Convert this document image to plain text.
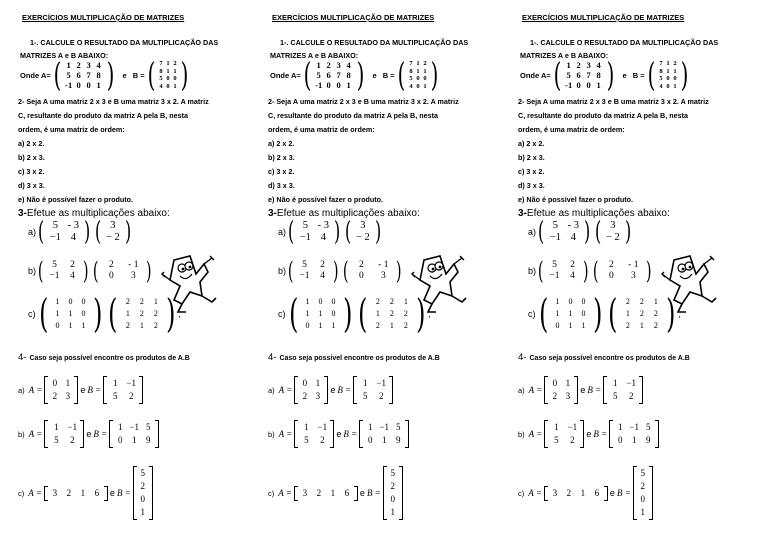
EXERCÍCIOS MULTIPLICAÇÃO DE MATRIZES
1-. CALCULE O RESULTADO DA MULTIPLICAÇÃO DAS
MATRIZES A e B ABAIXO:
Onde A= ( 1 2 3 4
5 6 7 8
-1 0 0 1 ) e B = ( 7 1 2
8 1 1
5 0 0
4 0 1 )
2- Seja A uma matriz 2 x 3 e B uma matriz 3 x 2. A matriz
C, resultante do produto da matriz A pela B, nesta
ordem, é uma matriz de ordem:
a) 2 x 2.
b) 2 x 3.
c) 3 x 2.
d) 3 x 3.
e) Não é possível fazer o produto.
3-Efetue as multiplicações abaixo:
a) ( 5 - 3
−1 4 ) ( 3
− 2 )
b) ( 5	2
−1	4 ) (	2	- 1
0	3 )
c) ( 1	0	0
1	1	0
0	1	1 ) (	2	2	1
1	2	2
2	1	2 ) ,
4- Caso seja possível encontre os produtos de A.B
a) A =
0 1
2 3
e B =
1 −1
5	2
b) A =
1 −1
5	2
e B =
1 −1 5
0	1	9
c) A =	3	2	1	6	e B =
5
2
0
1
EXERCÍCIOS MULTIPLICAÇÃO DE MATRIZES
1-. CALCULE O RESULTADO DA MULTIPLICAÇÃO DAS
MATRIZES A e B ABAIXO:
Onde A= ( 1 2 3 4
5 6 7 8
-1 0 0 1 ) e B = ( 7 1 2
8 1 1
5 0 0
4 0 1 )
2- Seja A uma matriz 2 x 3 e B uma matriz 3 x 2. A matriz
C, resultante do produto da matriz A pela B, nesta
ordem, é uma matriz de ordem:
a) 2 x 2.
b) 2 x 3.
c) 3 x 2.
d) 3 x 3.
e) Não é possível fazer o produto.
3-Efetue as multiplicações abaixo:
a) ( 5 - 3
−1 4 ) ( 3
− 2 )
b) ( 5	2
−1	4 ) (	2	- 1
0	3 )
c) ( 1	0	0
1	1	0
0	1	1 ) (	2	2	1
1	2	2
2	1	2 ) ,
4- Caso seja possível encontre os produtos de A.B
a) A =
0 1
2 3
e B =
1 −1
5	2
b) A =
1 −1
5	2
e B =
1 −1 5
0	1	9
c) A =	3	2	1	6	e B =
5
2
0
1
EXERCÍCIOS MULTIPLICAÇÃO DE MATRIZES
1-. CALCULE O RESULTADO DA MULTIPLICAÇÃO DAS
MATRIZES A e B ABAIXO:
Onde A= ( 1 2 3 4
5 6 7 8
-1 0 0 1 ) e B = ( 7 1 2
8 1 1
5 0 0
4 0 1 )
2- Seja A uma matriz 2 x 3 e B uma matriz 3 x 2. A matriz
C, resultante do produto da matriz A pela B, nesta
ordem, é uma matriz de ordem:
a) 2 x 2.
b) 2 x 3.
c) 3 x 2.
d) 3 x 3.
e) Não é possível fazer o produto.
3-Efetue as multiplicações abaixo:
a) ( 5 - 3
−1 4 ) ( 3
− 2 )
b) ( 5	2
−1	4 ) (	2	- 1
0	3 )
c) ( 1	0	0
1	1	0
0	1	1 ) (	2	2	1
1	2	2
2	1	2 ) ,
4- Caso seja possível encontre os produtos de A.B
a) A =
0 1
2 3
e B =
1 −1
5	2
b) A =
1 −1
5	2
e B =
1 −1 5
0	1	9
c) A =	3	2	1	6	e B =
5
2
0
1
